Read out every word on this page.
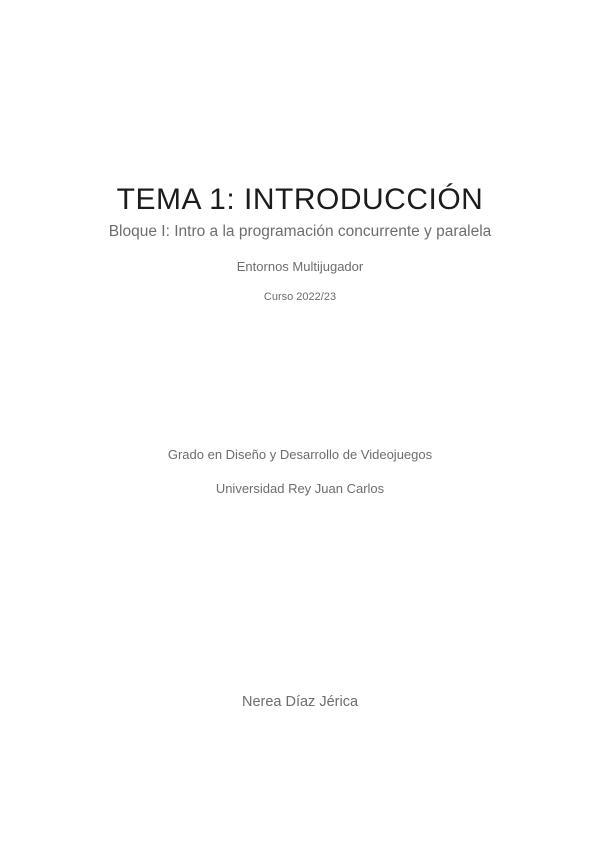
TEMA 1: INTRODUCCIÓN
Bloque I: Intro a la programación concurrente y paralela
Entornos Multijugador
Curso 2022/23
Grado en Diseño y Desarrollo de Videojuegos
Universidad Rey Juan Carlos
Nerea Díaz Jérica
